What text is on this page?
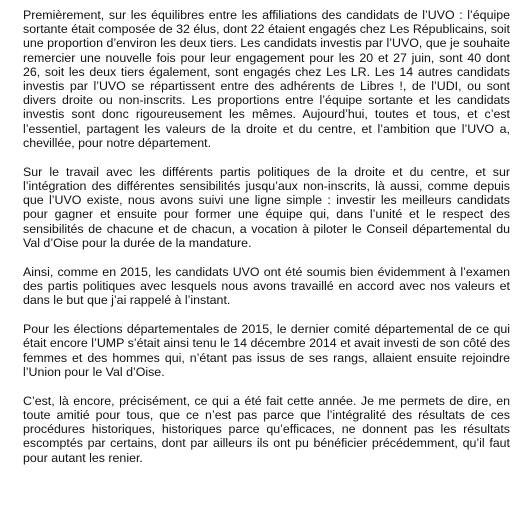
Premièrement, sur les équilibres entre les affiliations des candidats de l’UVO : l’équipe sortante était composée de 32 élus, dont 22 étaient engagés chez Les Républicains, soit une proportion d’environ les deux tiers. Les candidats investis par l’UVO, que je souhaite remercier une nouvelle fois pour leur engagement pour les 20 et 27 juin, sont 40 dont 26, soit les deux tiers également, sont engagés chez Les LR. Les 14 autres candidats investis par l’UVO se répartissent entre des adhérents de Libres !, de l’UDI, ou sont divers droite ou non-inscrits. Les proportions entre l’équipe sortante et les candidats investis sont donc rigoureusement les mêmes. Aujourd’hui, toutes et tous, et c’est l’essentiel, partagent les valeurs de la droite et du centre, et l’ambition que l’UVO a, chevillée, pour notre département.

Sur le travail avec les différents partis politiques de la droite et du centre, et sur l’intégration des différentes sensibilités jusqu’aux non-inscrits, là aussi, comme depuis que l’UVO existe, nous avons suivi une ligne simple : investir les meilleurs candidats pour gagner et ensuite pour former une équipe qui, dans l’unité et le respect des sensibilités de chacune et de chacun, a vocation à piloter le Conseil départemental du Val d’Oise pour la durée de la mandature.

Ainsi, comme en 2015, les candidats UVO ont été soumis bien évidemment à l’examen des partis politiques avec lesquels nous avons travaillé en accord avec nos valeurs et dans le but que j’ai rappelé à l’instant.

Pour les élections départementales de 2015, le dernier comité départemental de ce qui était encore l’UMP s’était ainsi tenu le 14 décembre 2014 et avait investi de son côté des femmes et des hommes qui, n’étant pas issus de ses rangs, allaient ensuite rejoindre l’Union pour le Val d’Oise.

C’est, là encore, précisément, ce qui a été fait cette année. Je me permets de dire, en toute amitié pour tous, que ce n’est pas parce que l’intégralité des résultats de ces procédures historiques, historiques parce qu’efficaces, ne donnent pas les résultats escomptés par certains, dont par ailleurs ils ont pu bénéficier précédemment, qu’il faut pour autant les renier.
